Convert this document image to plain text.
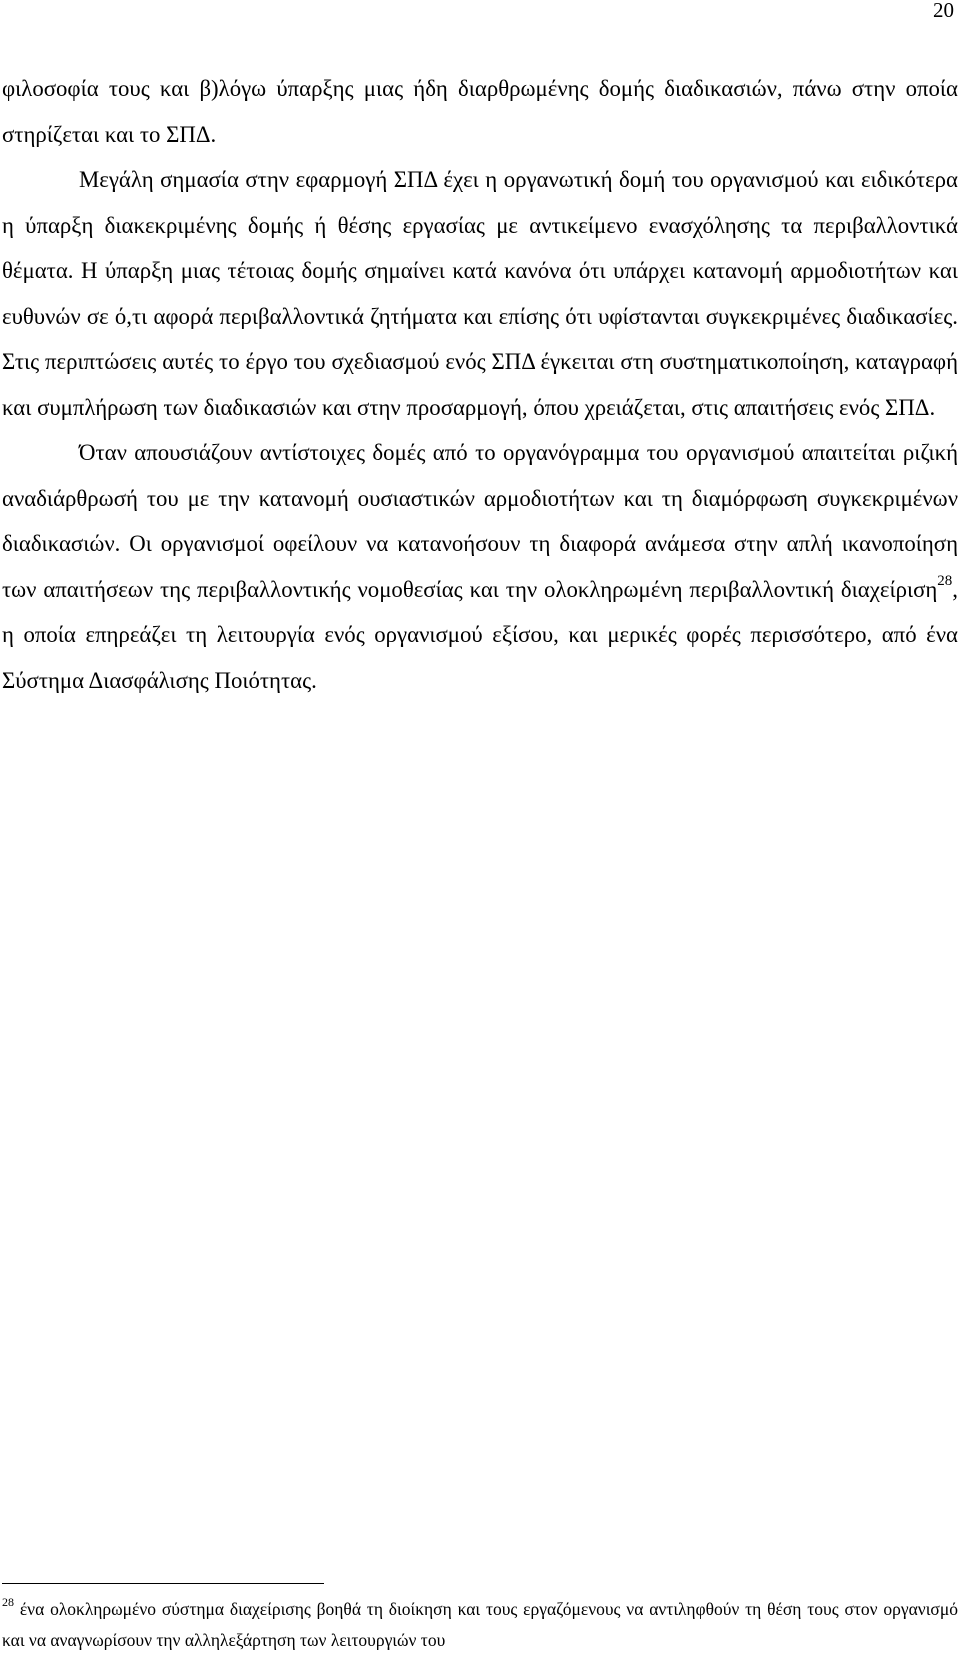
20

φιλοσοφία τους και β)λόγω ύπαρξης μιας ήδη διαρθρωμένης δομής διαδικασιών, πάνω στην οποία στηρίζεται και το ΣΠΔ.

Μεγάλη σημασία στην εφαρμογή ΣΠΔ έχει η οργανωτική δομή του οργανισμού και ειδικότερα η ύπαρξη διακεκριμένης δομής ή θέσης εργασίας με αντικείμενο ενασχόλησης τα περιβαλλοντικά θέματα. Η ύπαρξη μιας τέτοιας δομής σημαίνει κατά κανόνα ότι υπάρχει κατανομή αρμοδιοτήτων και ευθυνών σε ό,τι αφορά περιβαλλοντικά ζητήματα και επίσης ότι υφίστανται συγκεκριμένες διαδικασίες. Στις περιπτώσεις αυτές το έργο του σχεδιασμού ενός ΣΠΔ έγκειται στη συστηματικοποίηση, καταγραφή και συμπλήρωση των διαδικασιών και στην προσαρμογή, όπου χρειάζεται, στις απαιτήσεις ενός ΣΠΔ.

Όταν απουσιάζουν αντίστοιχες δομές από το οργανόγραμμα του οργανισμού απαιτείται ριζική αναδιάρθρωσή του με την κατανομή ουσιαστικών αρμοδιοτήτων και τη διαμόρφωση συγκεκριμένων διαδικασιών. Οι οργανισμοί οφείλουν να κατανοήσουν τη διαφορά ανάμεσα στην απλή ικανοποίηση των απαιτήσεων της περιβαλλοντικής νομοθεσίας και την ολοκληρωμένη περιβαλλοντική διαχείριση$^{28}$, η οποία επηρεάζει τη λειτουργία ενός οργανισμού εξίσου, και μερικές φορές περισσότερο, από ένα Σύστημα Διασφάλισης Ποιότητας.

$^{28}$ ένα ολοκληρωμένο σύστημα διαχείρισης βοηθά τη διοίκηση και τους εργαζόμενους να αντιληφθούν τη θέση τους στον οργανισμό και να αναγνωρίσουν την αλληλεξάρτηση των λειτουργιών του
